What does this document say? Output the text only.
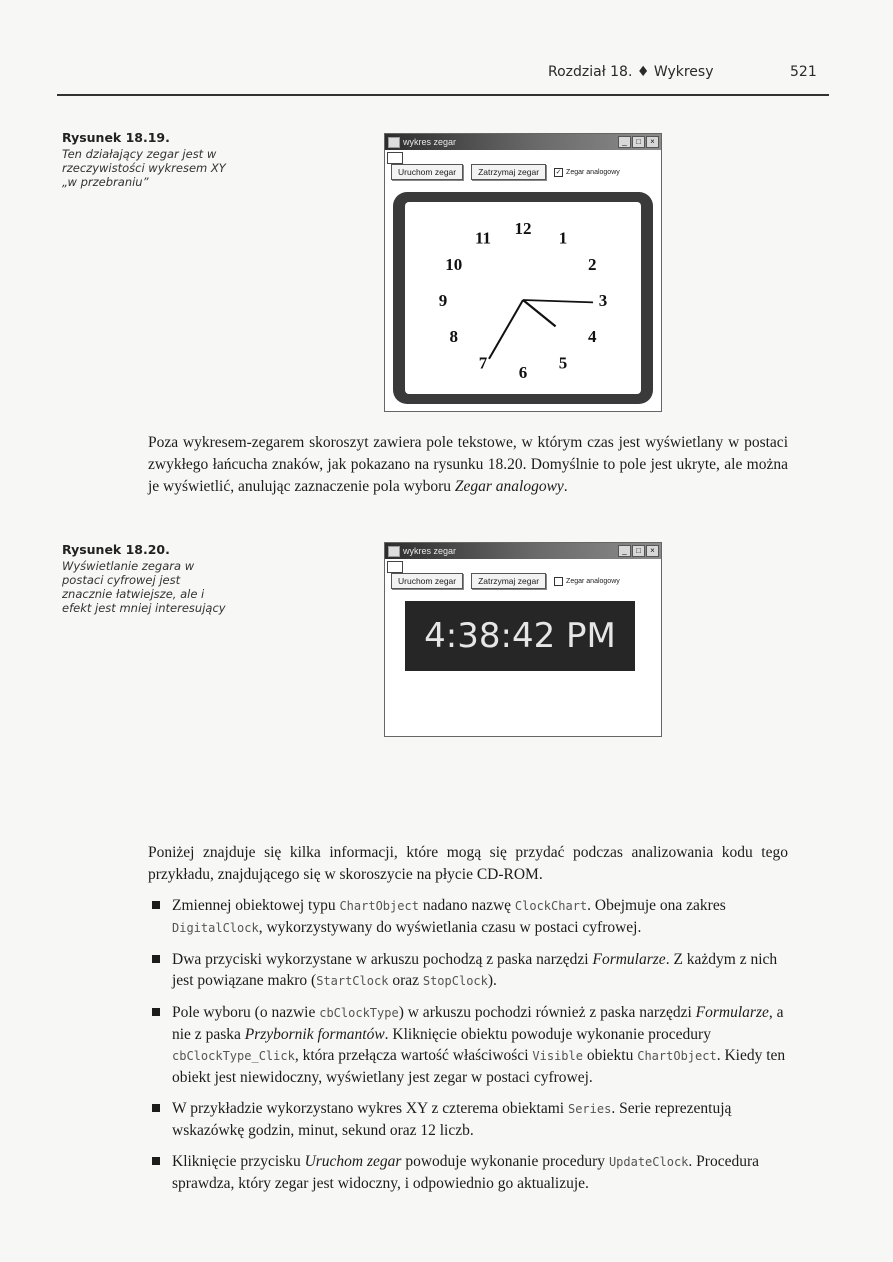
Rozdział 18. ♦ Wykresy	521
Rysunek 18.19.
Ten działający zegar jest w rzeczywistości wykresem XY „w przebraniu”
wykres zegar	_	□	×
Uruchom zegar	Zatrzymaj zegar	✓ Zegar analogowy
12
1
2
3
4
5
6
7
8
9
10
11
Poza wykresem-zegarem skoroszyt zawiera pole tekstowe, w którym czas jest wyświetlany w postaci zwykłego łańcucha znaków, jak pokazano na rysunku 18.20. Domyślnie to pole jest ukryte, ale można je wyświetlić, anulując zaznaczenie pola wyboru Zegar analogowy.
Rysunek 18.20.
Wyświetlanie zegara w postaci cyfrowej jest znacznie łatwiejsze, ale i efekt jest mniej interesujący
wykres zegar	_	□	×
Uruchom zegar	Zatrzymaj zegar	Zegar analogowy
4:38:42 PM
Poniżej znajduje się kilka informacji, które mogą się przydać podczas analizowania kodu tego przykładu, znajdującego się w skoroszycie na płycie CD-ROM.
Zmiennej obiektowej typu ChartObject nadano nazwę ClockChart. Obejmuje ona zakres DigitalClock, wykorzystywany do wyświetlania czasu w postaci cyfrowej.
Dwa przyciski wykorzystane w arkuszu pochodzą z paska narzędzi Formularze. Z każdym z nich jest powiązane makro (StartClock oraz StopClock).
Pole wyboru (o nazwie cbClockType) w arkuszu pochodzi również z paska narzędzi Formularze, a nie z paska Przybornik formantów. Kliknięcie obiektu powoduje wykonanie procedury cbClockType_Click, która przełącza wartość właściwości Visible obiektu ChartObject. Kiedy ten obiekt jest niewidoczny, wyświetlany jest zegar w postaci cyfrowej.
W przykładzie wykorzystano wykres XY z czterema obiektami Series. Serie reprezentują wskazówkę godzin, minut, sekund oraz 12 liczb.
Kliknięcie przycisku Uruchom zegar powoduje wykonanie procedury UpdateClock. Procedura sprawdza, który zegar jest widoczny, i odpowiednio go aktualizuje.
